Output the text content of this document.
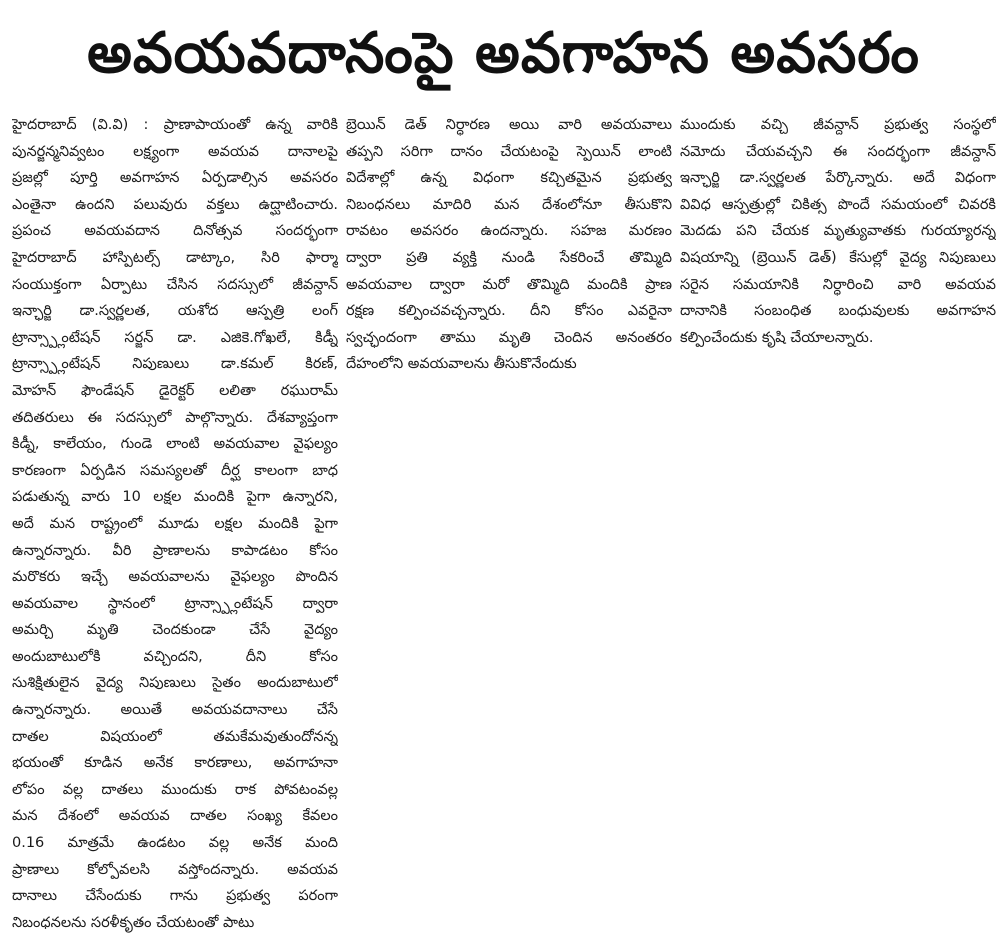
అవయవదానంపై అవగాహన అవసరం
హైదరాబాద్ (వి.వి) : ప్రాణాపాయంతో ఉన్న వారికి
పునర్జన్మనివ్వటం లక్ష్యంగా అవయవ దానాలపై
ప్రజల్లో పూర్తి అవగాహన ఏర్పడాల్సిన అవసరం
ఎంతైనా ఉందని పలువురు వక్తలు ఉద్ఘాటించారు.
ప్రపంచ అవయవదాన దినోత్సవ సందర్భంగా
హైదరాబాద్ హాస్పిటల్స్ డాట్కాం, సిరి ఫార్మా
సంయుక్తంగా ఏర్పాటు చేసిన సదస్సులో జీవన్దాన్
ఇన్ఛార్జి డా.స్వర్ణలత, యశోద ఆస్పత్రి లంగ్
ట్రాన్స్ప్లాంటేషన్ సర్జన్ డా. ఎజికె.గోఖలే, కిడ్నీ
ట్రాన్స్ప్లాంటేషన్ నిపుణులు డా.కమల్ కిరణ్,
మోహన్ ఫౌండేషన్ డైరెక్టర్ లలితా రఘురామ్
తదితరులు ఈ సదస్సులో పాల్గొన్నారు. దేశవ్యాప్తంగా
కిడ్నీ, కాలేయం, గుండె లాంటి అవయవాల వైఫల్యం
కారణంగా ఏర్పడిన సమస్యలతో దీర్ఘ కాలంగా బాధ
పడుతున్న వారు 10 లక్షల మందికి పైగా ఉన్నారని,
అదే మన రాష్ట్రంలో మూడు లక్షల మందికి పైగా
ఉన్నారన్నారు. వీరి ప్రాణాలను కాపాడటం కోసం
మరొకరు ఇచ్చే అవయవాలను వైఫల్యం పొందిన
అవయవాల స్థానంలో ట్రాన్స్ప్లాంటేషన్ ద్వారా
అమర్చి మృతి చెందకుండా చేసే వైద్యం
అందుబాటులోకి వచ్చిందని, దీని కోసం
సుశిక్షితులైన వైద్య నిపుణులు సైతం అందుబాటులో
ఉన్నారన్నారు. అయితే అవయవదానాలు చేసే
దాతల విషయంలో తమకేమవుతుందోనన్న
భయంతో కూడిన అనేక కారణాలు, అవగాహనా
లోపం వల్ల దాతలు ముందుకు రాక పోవటంవల్ల
మన దేశంలో అవయవ దాతల సంఖ్య కేవలం
0.16 మాత్రమే ఉండటం వల్ల అనేక మంది
ప్రాణాలు కోల్పోవలసి వస్తోందన్నారు. అవయవ
దానాలు చేసేందుకు గాను ప్రభుత్వ పరంగా
నిబంధనలను సరళీకృతం చేయటంతో పాటు
బ్రెయిన్ డెత్ నిర్ధారణ అయి వారి అవయవాలు
తప్పని సరిగా దానం చేయటంపై స్పెయిన్ లాంటి
విదేశాల్లో ఉన్న విధంగా కచ్చితమైన ప్రభుత్వ
నిబంధనలు మాదిరి మన దేశంలోనూ తీసుకొని
రావటం అవసరం ఉందన్నారు. సహజ మరణం
ద్వారా ప్రతి వ్యక్తి నుండి సేకరించే తొమ్మిది
అవయవాల ద్వారా మరో తొమ్మిది మందికి ప్రాణ
రక్షణ కల్పించవచ్చన్నారు. దీని కోసం ఎవరైనా
స్వచ్ఛందంగా తాము మృతి చెందిన అనంతరం
దేహంలోని అవయవాలను తీసుకొనేందుకు
ముందుకు వచ్చి జీవన్దాన్ ప్రభుత్వ సంస్థలో
నమోదు చేయవచ్చని ఈ సందర్భంగా జీవన్దాన్
ఇన్ఛార్జి డా.స్వర్ణలత పేర్కొన్నారు. అదే విధంగా
వివిధ ఆస్పత్రుల్లో చికిత్స పొందే సమయంలో చివరకి
మెదడు పని చేయక మృత్యువాతకు గురయ్యారన్న
విషయాన్ని (బ్రెయిన్ డెత్) కేసుల్లో వైద్య నిపుణులు
సరైన సమయానికి నిర్ధారించి వారి అవయవ
దానానికి సంబంధిత బంధువులకు అవగాహన
కల్పించేందుకు కృషి చేయాలన్నారు.
